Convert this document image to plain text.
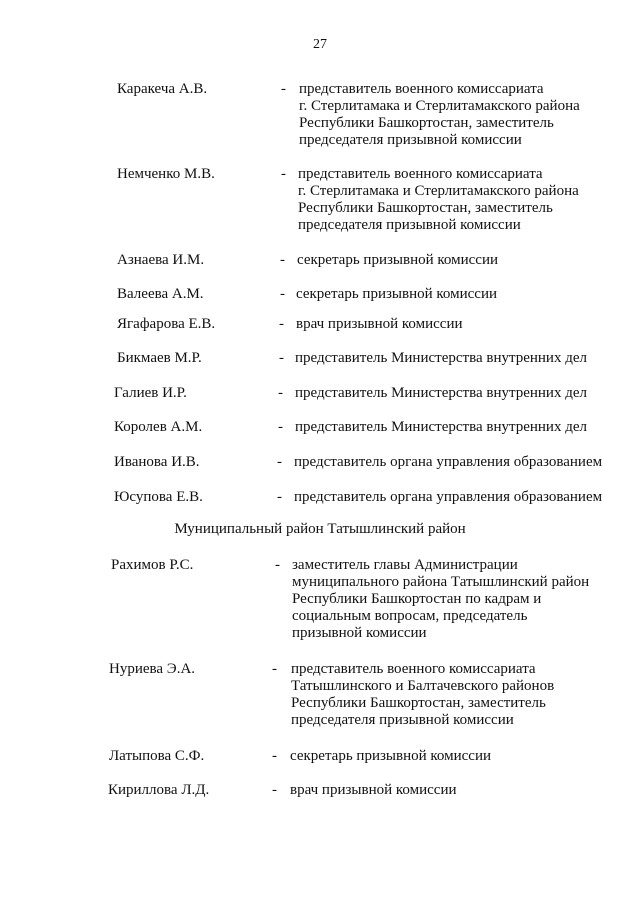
27
Каракеча А.В.	- представитель военного комиссариата
г. Стерлитамака и Стерлитамакского района
Республики Башкортостан, заместитель
председателя призывной комиссии
Немченко М.В.	- представитель военного комиссариата
г. Стерлитамака и Стерлитамакского района
Республики Башкортостан, заместитель
председателя призывной комиссии
Азнаева И.М.	- секретарь призывной комиссии
Валеева А.М.	- секретарь призывной комиссии
Ягафарова Е.В.	- врач призывной комиссии
Бикмаев М.Р.	- представитель Министерства внутренних дел
Галиев И.Р.	- представитель Министерства внутренних дел
Королев А.М.	- представитель Министерства внутренних дел
Иванова И.В.	- представитель органа управления образованием
Юсупова Е.В.	- представитель органа управления образованием
Муниципальный район Татышлинский район
Рахимов Р.С.	- заместитель главы Администрации
муниципального района Татышлинский район
Республики Башкортостан по кадрам и
социальным вопросам, председатель
призывной комиссии
Нуриева Э.А.	- представитель военного комиссариата
Татышлинского и Балтачевского районов
Республики Башкортостан, заместитель
председателя призывной комиссии
Латыпова С.Ф.	- секретарь призывной комиссии
Кириллова Л.Д.	- врач призывной комиссии
